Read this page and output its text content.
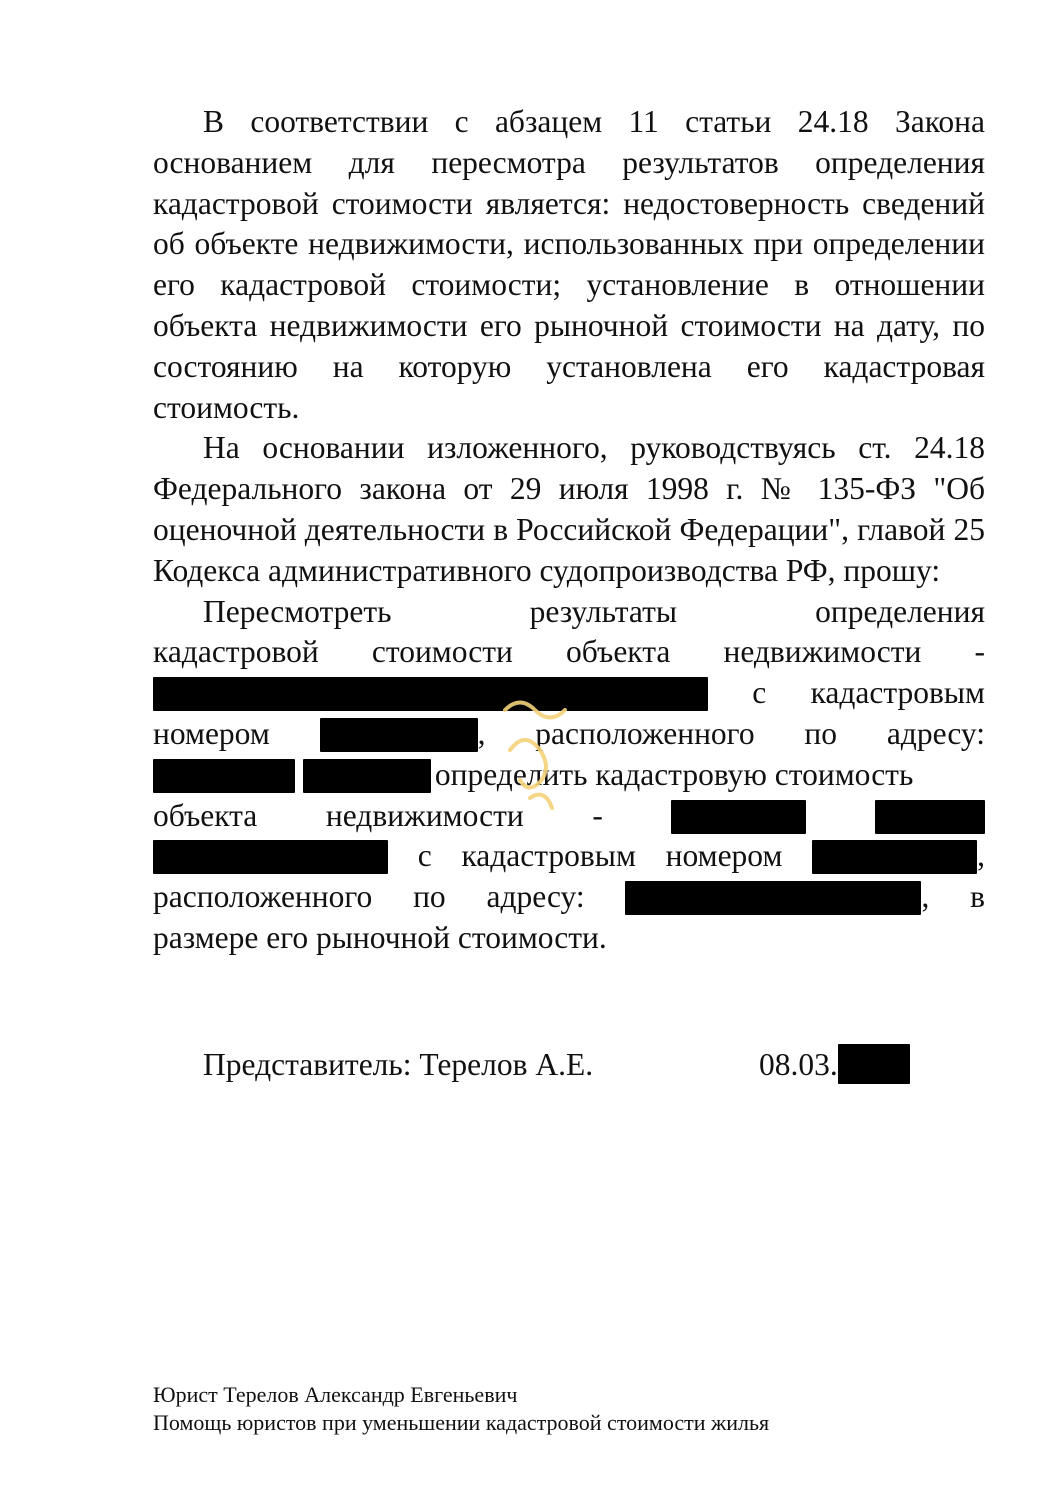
В соответствии с абзацем 11 статьи 24.18 Закона основанием для пересмотра результатов определения кадастровой стоимости является: недостоверность сведений об объекте недвижимости, использованных при определении его кадастровой стоимости; установление в отношении объекта недвижимости его рыночной стоимости на дату, по состоянию на которую установлена его кадастровая стоимость.

На основании изложенного, руководствуясь ст. 24.18 Федерального закона от 29 июля 1998 г. № 135-ФЗ "Об оценочной деятельности в Российской Федерации", главой 25 Кодекса административного судопроизводства РФ, прошу:

Пересмотреть результаты определения
кадастровой стоимости объекта недвижимости -
с кадастровым
номером	, расположенного по адресу:
определить кадастровую стоимость
объекта недвижимости -
с кадастровым номером	,
расположенного по адресу:	, в
размере его рыночной стоимости.
Представитель: Терелов А.Е.	08.03.
Юрист Терелов Александр Евгеньевич
Помощь юристов при уменьшении кадастровой стоимости жилья
